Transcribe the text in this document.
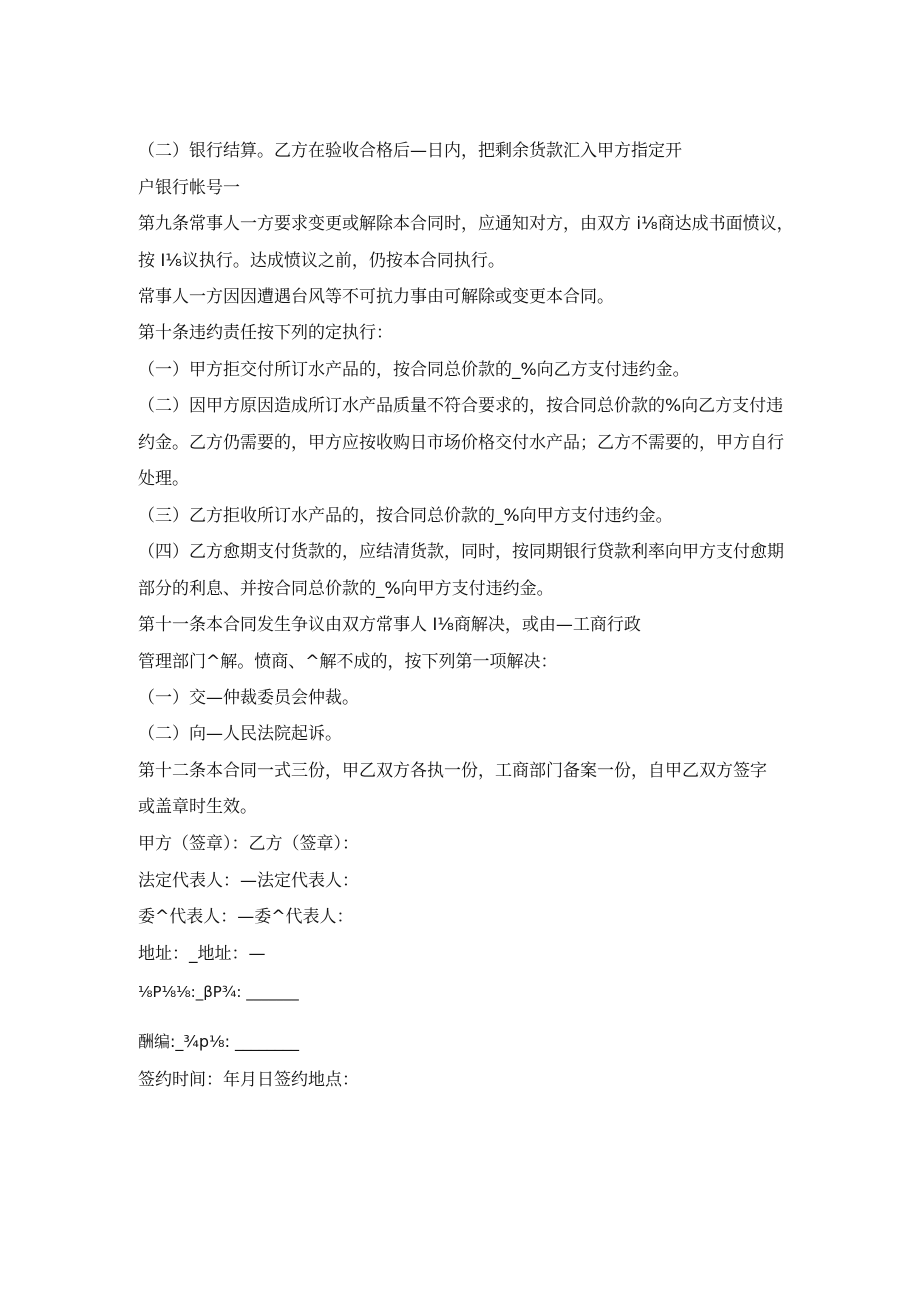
（二）银行结算。乙方在验收合格后—日内，把剩余货款汇入甲方指定开

户银行帐号一

第九条常事人一方要求变更或解除本合同时，应通知对方，由双方 i⅛商达成书面愤议，

按 I⅛议执行。达成愤议之前，仍按本合同执行。

常事人一方因因遭遇台风等不可抗力事由可解除或变更本合同。

第十条违约责任按下列的定执行：

（一）甲方拒交付所订水产品的，按合同总价款的_%向乙方支付违约金。

（二）因甲方原因造成所订水产品质量不符合要求的，按合同总价款的%向乙方支付违

约金。乙方仍需要的，甲方应按收购日市场价格交付水产品；乙方不需要的，甲方自行

处理。

（三）乙方拒收所订水产品的，按合同总价款的_%向甲方支付违约金。

（四）乙方愈期支付货款的，应结清货款，同时，按同期银行贷款利率向甲方支付愈期

部分的利息、并按合同总价款的_%向甲方支付违约金。

第十一条本合同发生争议由双方常事人 I⅛商解决，或由—工商行政

管理部门^解。愤商、^解不成的，按下列第一项解决：

（一）交—仲裁委员会仲裁。

（二）向—人民法院起诉。

第十二条本合同一式三份，甲乙双方各执一份，工商部门备案一份，自甲乙双方签字

或盖章时生效。

甲方（签章）：乙方（签章）：

法定代表人：—法定代表人：

委^代表人：—委^代表人：

地址：_地址：—

⅛P⅛⅛:_βP¾: _______

酬编:_¾p⅛: ________

签约时间：年月日签约地点：
